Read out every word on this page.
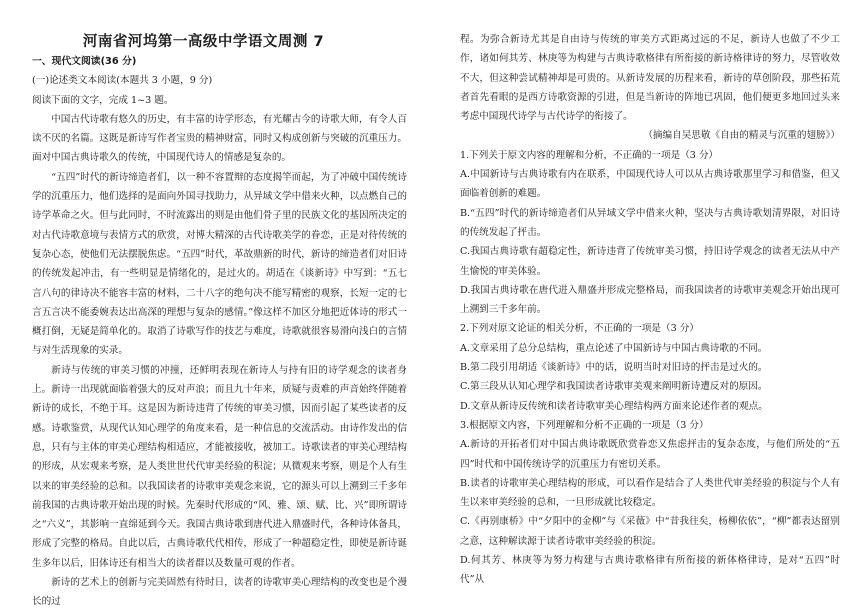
河南省河坞第一高级中学语文周测 7

一、现代文阅读(36 分)

(一)论述类文本阅读(本题共 3 小题，9 分)

阅读下面的文字，完成 1~3 题。

中国古代诗歌有悠久的历史，有丰富的诗学形态，有光耀古今的诗歌大师，有令人百读不厌的名篇。这既是新诗写作者宝贵的精神财富，同时又构成创新与突破的沉重压力。面对中国古典诗歌久的传统，中国现代诗人的情感是复杂的。

“五四”时代的新诗缔造者们，以一种不容置辩的态度揭竿而起，为了冲破中国传统诗学的沉重压力，他们选择的是面向外国寻找助力，从异域文学中借来火种，以点燃自己的诗学革命之火。但与此同时，不时流露出的则是由他们骨子里的民族文化的基因所决定的对古代诗歌意境与表情方式的欣赏，对博大精深的古代诗歌美学的眷恋，正是对待传统的复杂心态，使他们无法摆脱焦虑。“五四”时代，革故鼎新的时代，新诗的缔造者们对旧诗的传统发起冲击，有一些明显是情绪化的，是过火的。胡适在《谈新诗》中写到：“五七言八句的律诗决不能容丰富的材料，二十八字的绝句决不能写精密的观察，长短一定的七言五言决不能委婉表达出高深的理想与复杂的感情。”像这样不加区分地把近体诗的形式一概打倒，无疑是简单化的。取消了诗歌写作的技艺与难度，诗歌就很容易滑向浅白的言情与对生活现象的实录。

新诗与传统的审美习惯的冲撞，还鲜明表现在新诗人与持有旧的诗学观念的读者身上。新诗一出现就面临着强大的反对声浪；而且九十年来，质疑与责难的声音始终伴随着新诗的成长，不绝于耳。这是因为新诗违背了传统的审美习惯，因而引起了某些读者的反感。诗歌鉴赏，从现代认知心理学的角度来看，是一种信息的交流活动。由诗作发出的信息，只有与主体的审美心理结构相适应，才能被接收，被加工。诗歌读者的审美心理结构的形成，从宏观来考察，是人类世世代代审美经验的积淀；从微观来考察，则是个人有生以来的审美经验的总和。以我国读者的诗歌审美观念来说，它的源头可以上溯到三千多年前我国的古典诗歌开始出现的时候。先秦时代形成的“风、雅、颂、赋、比、兴”即所谓诗之“六义”，其影响一直绵延到今天。我国古典诗歌到唐代进入鼎盛时代，各种诗体备具，形成了完整的格局。自此以后，古典诗歌代代相传，形成了一种超稳定性，即使是新诗诞生多年以后，旧体诗还有相当大的读者群以及数量可观的作者。

新诗的艺术上的创新与完美固然有待时日，读者的诗歌审美心理结构的改变也是个漫长的过

程。为弥合新诗尤其是自由诗与传统的审美方式距离过远的不足，新诗人也做了不少工作，诸如何其芳、林庚等为构建与古典诗歌格律有所衔接的新诗格律诗的努力，尽管收效不大，但这种尝试精神却是可贵的。从新诗发展的历程来看，新诗的草创阶段，那些拓荒者首先看眼的是西方诗歌资源的引进，但是当新诗的阵地已巩固，他们便更多地回过头来考虑中国现代诗学与古代诗学的衔接了。

（摘编自吴思敬《自由的精灵与沉重的翅膀》）

1.下列关于原文内容的理解和分析，不正确的一项是（3 分）

A.中国新诗与古典诗歌有内在联系，中国现代诗人可以从古典诗歌那里学习和借鉴，但又面临着创新的难题。

B.“五四”时代的新诗缔造者们从异域文学中借来火种，坚决与古典诗歌划清界限，对旧诗的传统发起了抨击。

C.我国古典诗歌有超稳定性，新诗违背了传统审美习惯，持旧诗学观念的读者无法从中产生愉悦的审美体验。

D.我国古典诗歌在唐代进入鼎盛并形成完整格局，而我国读者的诗歌审美观念开始出现可上溯到三千多年前。

2.下列对原文论证的相关分析，不正确的一项是（3 分）

A.文章采用了总分总结构，重点论述了中国新诗与中国古典诗歌的不同。

B.第二段引用胡适《谈新诗》中的话，说明当时对旧诗的抨击是过火的。

C.第三段从认知心理学和我国读者诗歌审美观来阐明新诗遭反对的原因。

D.文章从新诗反传统和读者诗歌审美心理结构两方面来论述作者的观点。

3.根据原文内容，下列理解和分析不正确的一项是（3 分）

A.新诗的开拓者们对中国古典诗歌既欣赏眷恋又焦虑抨击的复杂态度，与他们所处的“五四”时代和中国传统诗学的沉重压力有密切关系。

B.读者的诗歌审美心理结构的形成，可以看作是结合了人类世代审美经验的积淀与个人有生以来审美经验的总和，一旦形成就比较稳定。

C.《再别康桥》中“夕阳中的金柳”与《采薇》中“昔我往矣，杨柳依依”，“柳”都表达留别之意，这种解读源于读者诗歌审美经验的积淀。

D.何其芳、林庚等为努力构建与古典诗歌格律有所衔接的新体格律诗，是对“五四”时代”从
